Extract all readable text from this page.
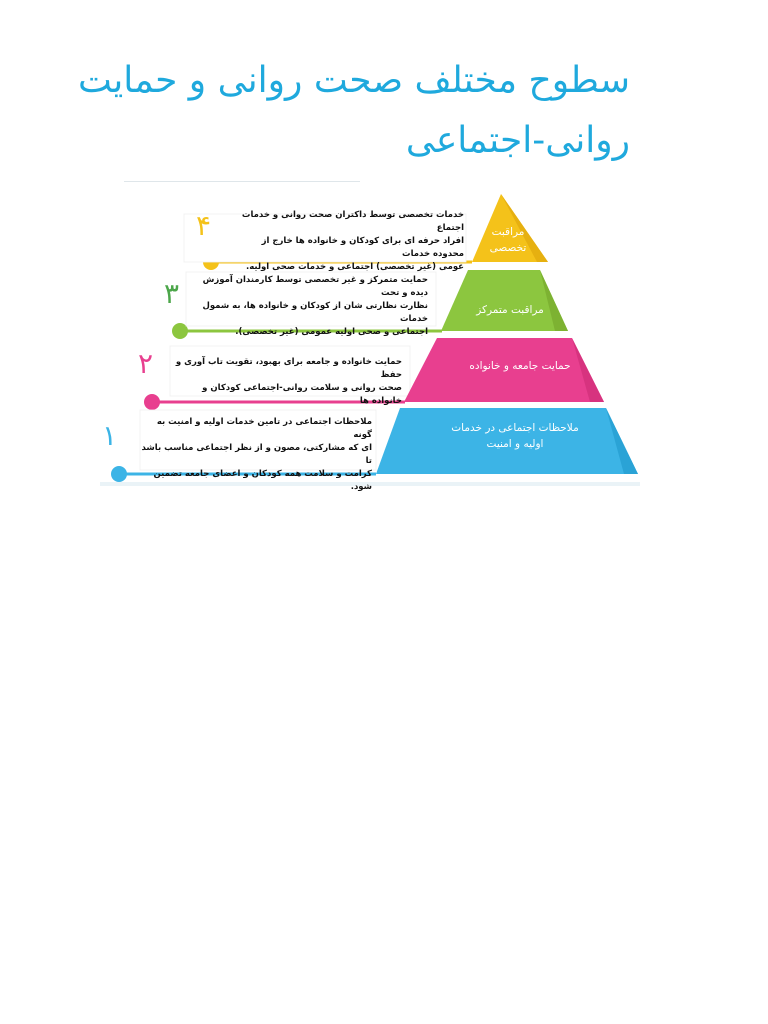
سطوح مختلف صحت روانی و حمایت
روانی-اجتماعی
۴
۳
۲
۱
مراقبت
تخصصی
مراقبت متمرکز
حمایت جامعه و خانواده
ملاحظات اجتماعی در خدمات
اولیه و امنیت
خدمات تخصصی توسط داکتران صحت روانی و خدمات اجتماع
افراد حرفه ای برای کودکان و خانواده ها خارج از محدوده خدمات
عومی (غیر تخصصی) اجتماعی و خدمات صحی اولیه.
حمایت متمرکز و غیر تخصصی توسط کارمندان آموزش دیده و تحت
نظارت نظارتی شان از کودکان و خانواده ها، به شمول خدمات
اجتماعی و صحی اولیه عمومی (غیر تخصصی).
حمایت خانواده و جامعه برای بهبود، تقویت تاب آوری و حفظ
صحت روانی و سلامت روانی-اجتماعی کودکان و خانواده ها
ملاحظات اجتماعی در تامین خدمات اولیه و امنیت به گونه
ای که مشارکتی، مصون و از نظر اجتماعی مناسب باشد تا
کرامت و سلامت همه کودکان و اعضای جامعه تضمین شود.
